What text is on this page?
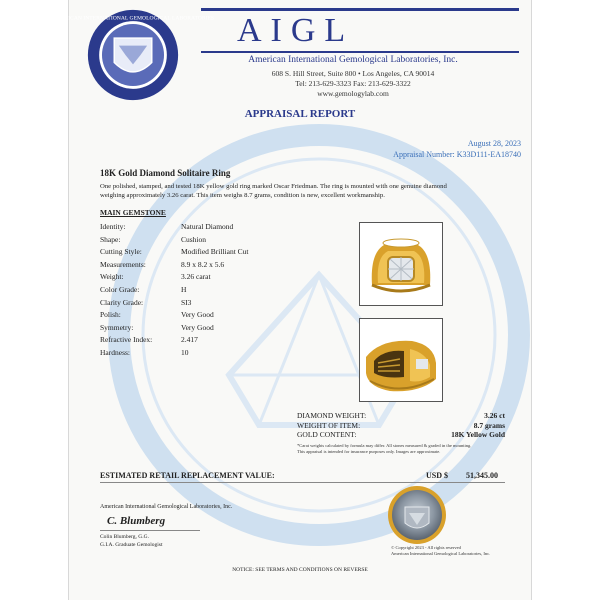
AMERICAN INTERNATIONAL GEMOLOGICAL LABORATORIES AIGL
American International Gemological Laboratories, Inc.
608 S. Hill Street, Suite 800 • Los Angeles, CA 90014
Tel: 213-629-3323 Fax: 213-629-3322
www.gemologylab.com
APPRAISAL REPORT
August 28, 2023
Appraisal Number: K33D111-EA18740
18K Gold Diamond Solitaire Ring
One polished, stamped, and tested 18K yellow gold ring marked Oscar Friedman. The ring is mounted with one genuine diamond
weighing approximately 3.26 carat. This item weighs 8.7 grams, condition is new, excellent workmanship.
MAIN GEMSTONE
Identity:	Natural Diamond
Shape:	Cushion
Cutting Style:	Modified Brilliant Cut
Measurements:	8.9 x 8.2 x 5.6
Weight:	3.26 carat
Color Grade:	H
Clarity Grade:	SI3
Polish:	Very Good
Symmetry:	Very Good
Refractive Index:	2.417
Hardness:	10
DIAMOND WEIGHT:	3.26 ct
WEIGHT OF ITEM:	8.7 grams
GOLD CONTENT:	18K Yellow Gold
*Carat weights calculated by formula may differ. All stones measured & graded in the mounting.
This appraisal is intended for insurance purposes only. Images are approximate.
ESTIMATED RETAIL REPLACEMENT VALUE:	USD $ 51,345.00
American International Gemological Laboratories, Inc.
C. Blumberg
Colin Blumberg, G.G.
G.I.A. Graduate Gemologist	© Copyright 2023 - All rights reserved
American International Gemological Laboratories, Inc.
NOTICE: SEE TERMS AND CONDITIONS ON REVERSE
